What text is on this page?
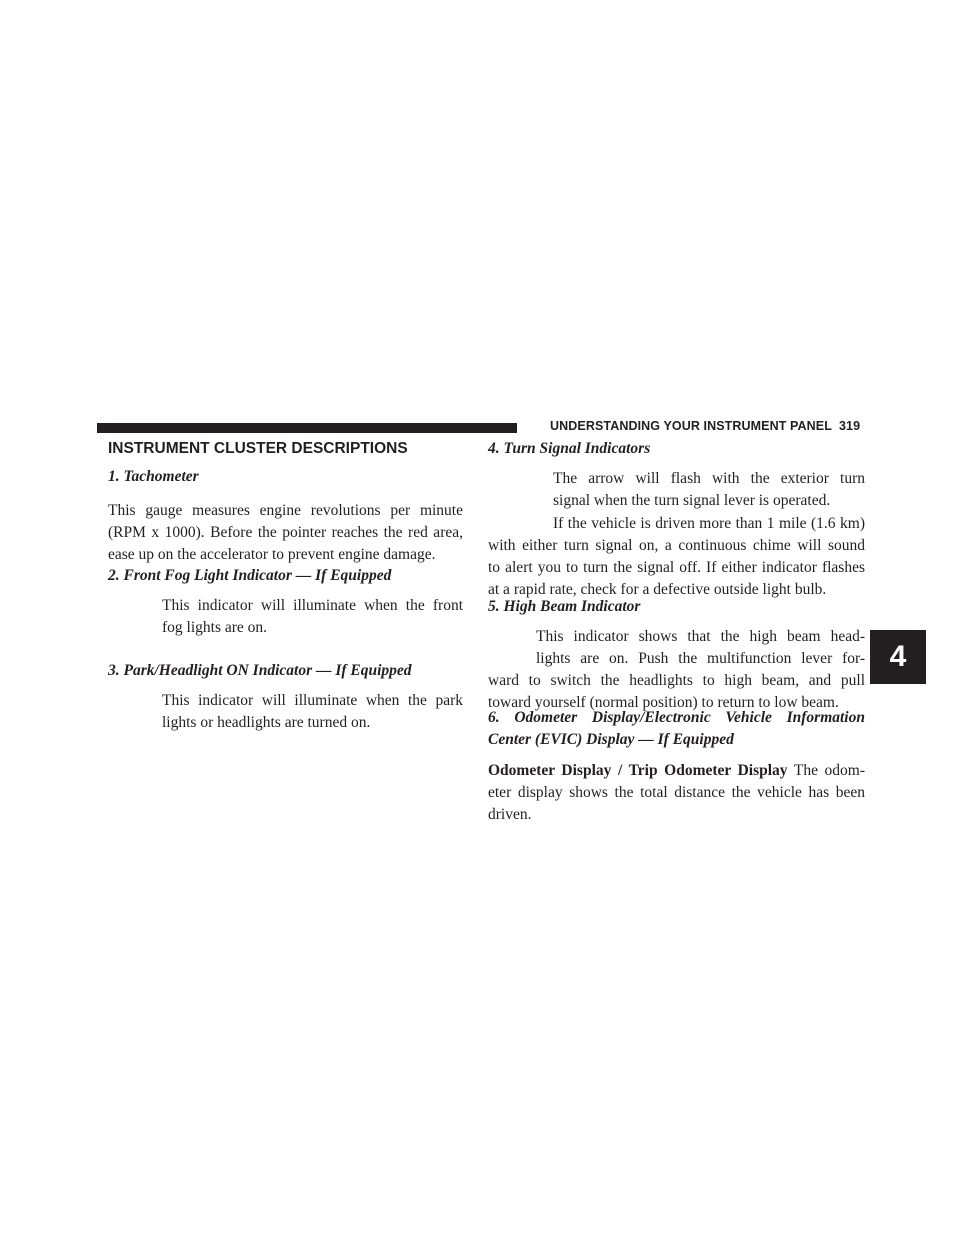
UNDERSTANDING YOUR INSTRUMENT PANEL 319
4
INSTRUMENT CLUSTER DESCRIPTIONS
1. Tachometer
This gauge measures engine revolutions per minute
(RPM x 1000). Before the pointer reaches the red area,
ease up on the accelerator to prevent engine damage.
2. Front Fog Light Indicator — If Equipped
This indicator will illuminate when the front
fog lights are on.
3. Park/Headlight ON Indicator — If Equipped
This indicator will illuminate when the park
lights or headlights are turned on.
4. Turn Signal Indicators
The arrow will flash with the exterior turn
signal when the turn signal lever is operated.
If the vehicle is driven more than 1 mile (1.6 km)
with either turn signal on, a continuous chime will sound
to alert you to turn the signal off. If either indicator flashes
at a rapid rate, check for a defective outside light bulb.
5. High Beam Indicator
This indicator shows that the high beam head-
lights are on. Push the multifunction lever for-
ward to switch the headlights to high beam, and pull
toward yourself (normal position) to return to low beam.
6. Odometer Display/Electronic Vehicle Information
Center (EVIC) Display — If Equipped
Odometer Display / Trip Odometer Display The odom-
eter display shows the total distance the vehicle has been
driven.
